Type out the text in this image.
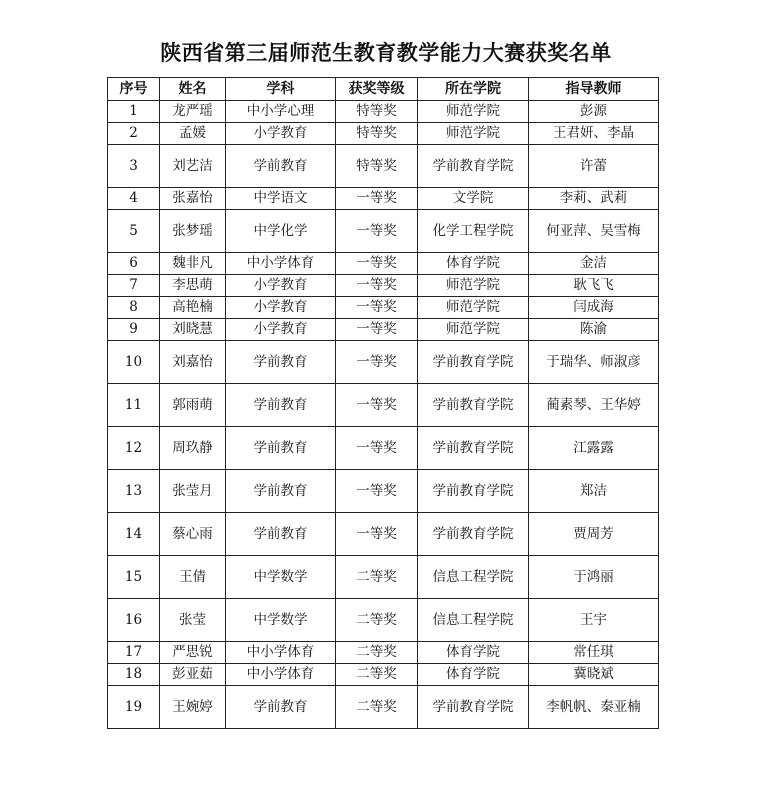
陕西省第三届师范生教育教学能力大赛获奖名单
序号	姓名	学科	获奖等级	所在学院	指导教师
1	龙严瑶	中小学心理	特等奖	师范学院	彭源
2	孟媛	小学教育	特等奖	师范学院	王君妍、李晶
3	刘艺洁	学前教育	特等奖	学前教育学院	许蕾
4	张嘉怡	中学语文	一等奖	文学院	李莉、武莉
5	张梦瑶	中学化学	一等奖	化学工程学院	何亚萍、吴雪梅
6	魏非凡	中小学体育	一等奖	体育学院	金洁
7	李思萌	小学教育	一等奖	师范学院	耿飞飞
8	高艳楠	小学教育	一等奖	师范学院	闫成海
9	刘晓慧	小学教育	一等奖	师范学院	陈渝
10	刘嘉怡	学前教育	一等奖	学前教育学院	于瑞华、师淑彦
11	郭雨萌	学前教育	一等奖	学前教育学院	蔺素琴、王华婷
12	周玖静	学前教育	一等奖	学前教育学院	江露露
13	张莹月	学前教育	一等奖	学前教育学院	郑洁
14	蔡心雨	学前教育	一等奖	学前教育学院	贾周芳
15	王倩	中学数学	二等奖	信息工程学院	于鸿丽
16	张莹	中学数学	二等奖	信息工程学院	王宇
17	严思锐	中小学体育	二等奖	体育学院	常任琪
18	彭亚茹	中小学体育	二等奖	体育学院	冀晓斌
19	王婉婷	学前教育	二等奖	学前教育学院	李帆帆、秦亚楠
